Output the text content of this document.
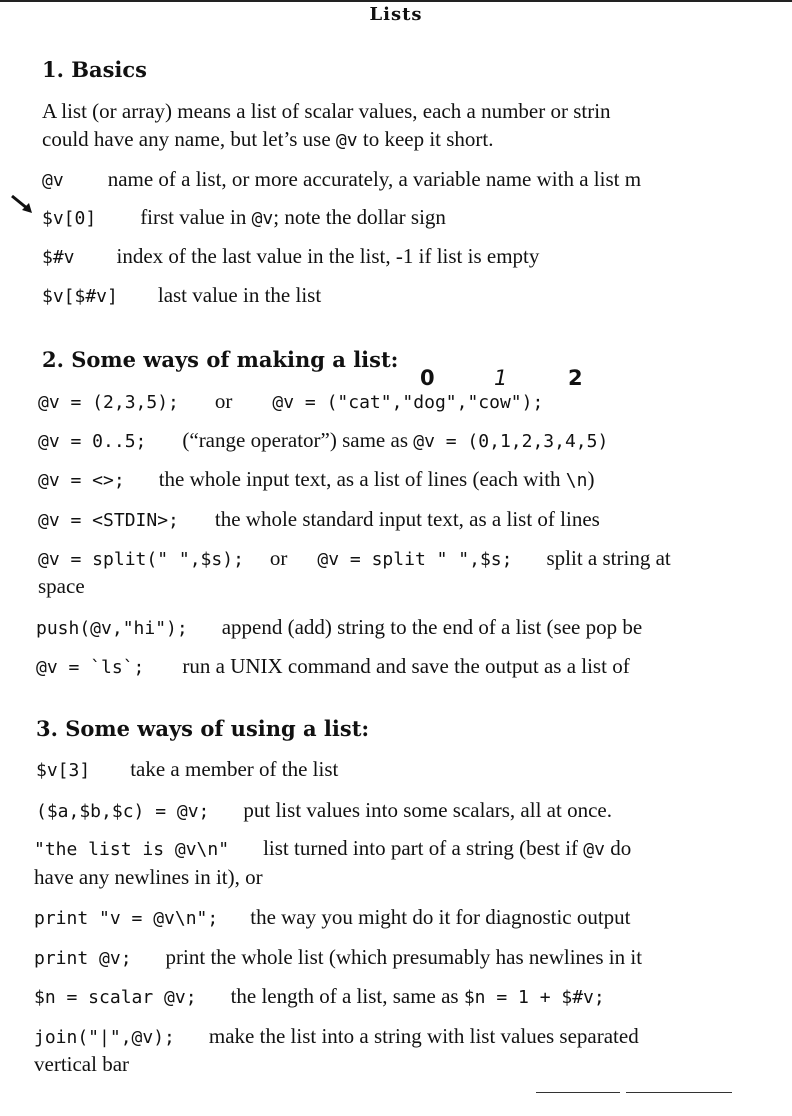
Lists
1. Basics
A list (or array) means a list of scalar values, each a number or strin
could have any name, but let’s use @v to keep it short.
@v name of a list, or more accurately, a variable name with a list m
$v[0] first value in @v; note the dollar sign
$#v index of the last value in the list, -1 if list is empty
$v[$#v] last value in the list
2. Some ways of making a list:
0	1	2
@v = (2,3,5); or @v = ("cat","dog","cow");
@v = 0..5; (“range operator”) same as @v = (0,1,2,3,4,5)
@v = <>; the whole input text, as a list of lines (each with \n)
@v = <STDIN>; the whole standard input text, as a list of lines
@v = split(" ",$s); or @v = split " ",$s; split a string at
space
push(@v,"hi"); append (add) string to the end of a list (see pop be
@v = `ls`; run a UNIX command and save the output as a list of
3. Some ways of using a list:
$v[3] take a member of the list
($a,$b,$c) = @v; put list values into some scalars, all at once.
"the list is @v\n" list turned into part of a string (best if @v do
have any newlines in it), or
print "v = @v\n"; the way you might do it for diagnostic output
print @v; print the whole list (which presumably has newlines in it
$n = scalar @v; the length of a list, same as $n = 1 + $#v;
join("|",@v); make the list into a string with list values separated
vertical bar
